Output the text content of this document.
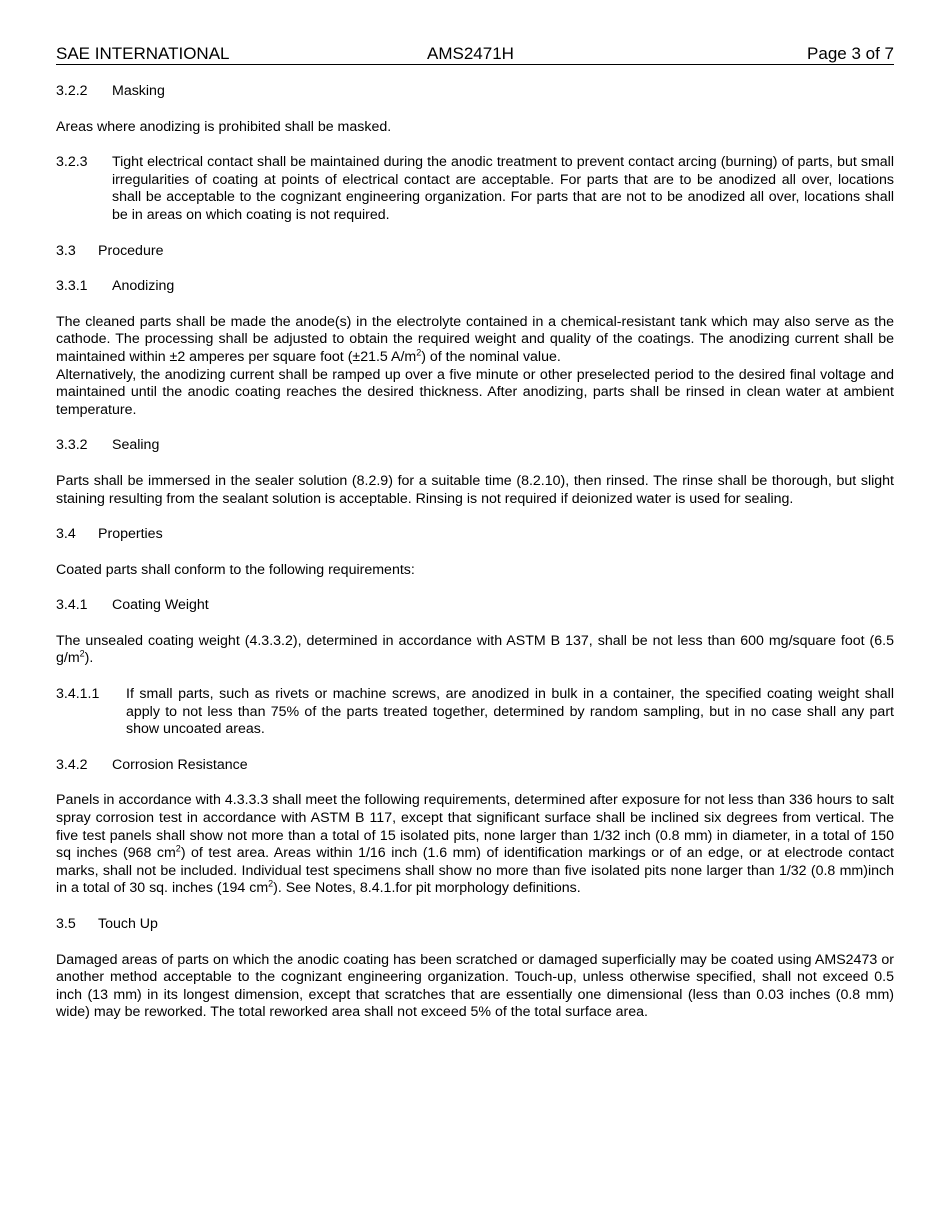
SAE INTERNATIONAL	AMS2471H	Page 3 of 7
3.2.2 Masking

Areas where anodizing is prohibited shall be masked.

3.2.3 Tight electrical contact shall be maintained during the anodic treatment to prevent contact arcing (burning) of parts, but small irregularities of coating at points of electrical contact are acceptable. For parts that are to be anodized all over, locations shall be acceptable to the cognizant engineering organization. For parts that are not to be anodized all over, locations shall be in areas on which coating is not required.
3.3 Procedure
3.3.1 Anodizing

The cleaned parts shall be made the anode(s) in the electrolyte contained in a chemical-resistant tank which may also serve as the cathode. The processing shall be adjusted to obtain the required weight and quality of the coatings. The anodizing current shall be maintained within ±2 amperes per square foot (±21.5 $A/m^2$) of the nominal value.

Alternatively, the anodizing current shall be ramped up over a five minute or other preselected period to the desired final voltage and maintained until the anodic coating reaches the desired thickness. After anodizing, parts shall be rinsed in clean water at ambient temperature.

3.3.2 Sealing

Parts shall be immersed in the sealer solution (8.2.9) for a suitable time (8.2.10), then rinsed. The rinse shall be thorough, but slight staining resulting from the sealant solution is acceptable. Rinsing is not required if deionized water is used for sealing.

3.4 Properties

Coated parts shall conform to the following requirements:

3.4.1 Coating Weight

The unsealed coating weight (4.3.3.2), determined in accordance with ASTM B 137, shall be not less than 600 mg/square foot (6.5 $g/m^2$).

3.4.1.1 If small parts, such as rivets or machine screws, are anodized in bulk in a container, the specified coating weight shall apply to not less than 75% of the parts treated together, determined by random sampling, but in no case shall any part show uncoated areas.
3.4.2 Corrosion Resistance

Panels in accordance with 4.3.3.3 shall meet the following requirements, determined after exposure for not less than 336 hours to salt spray corrosion test in accordance with ASTM B 117, except that significant surface shall be inclined six degrees from vertical. The five test panels shall show not more than a total of 15 isolated pits, none larger than 1/32 inch (0.8 mm) in diameter, in a total of 150 sq inches (968 $cm^2$) of test area. Areas within 1/16 inch (1.6 mm) of identification markings or of an edge, or at electrode contact marks, shall not be included. Individual test specimens shall show no more than five isolated pits none larger than 1/32 (0.8 mm)inch in a total of 30 sq. inches (194 $cm^2$). See Notes, 8.4.1.for pit morphology definitions.

3.5 Touch Up

Damaged areas of parts on which the anodic coating has been scratched or damaged superficially may be coated using AMS2473 or another method acceptable to the cognizant engineering organization. Touch-up, unless otherwise specified, shall not exceed 0.5 inch (13 mm) in its longest dimension, except that scratches that are essentially one dimensional (less than 0.03 inches (0.8 mm) wide) may be reworked. The total reworked area shall not exceed 5% of the total surface area.
